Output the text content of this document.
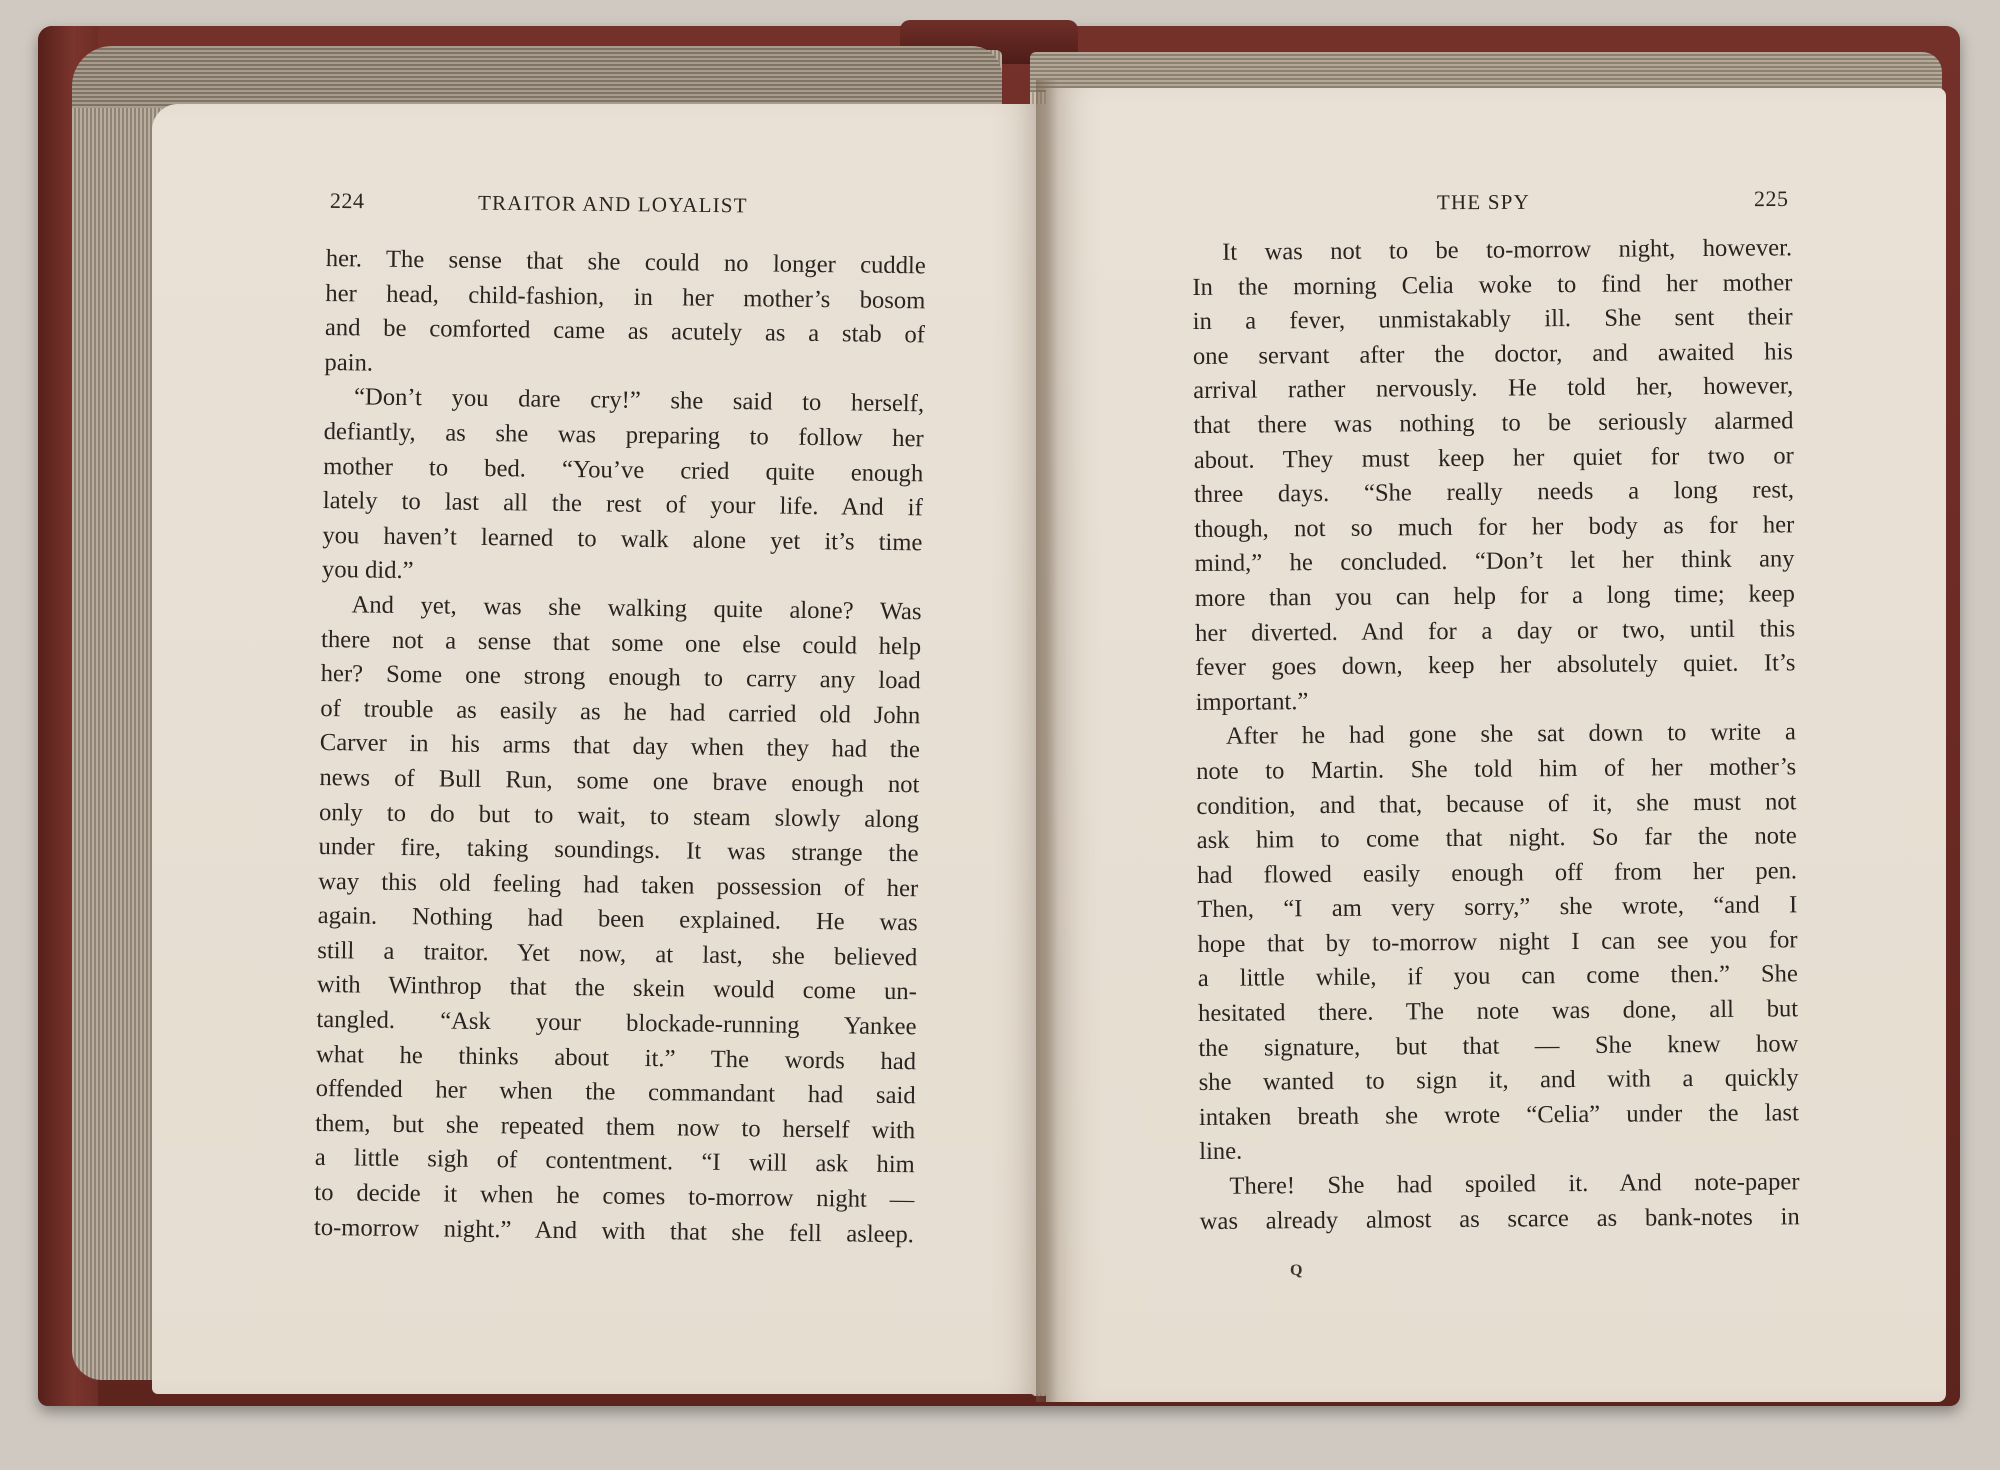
224	TRAITOR AND LOYALIST	THE SPY	225
her. The sense that she could no longer cuddle
her head, child-fashion, in her mother’s bosom
and be comforted came as acutely as a stab of
pain.
“Don’t you dare cry!” she said to herself,
defiantly, as she was preparing to follow her
mother to bed. “You’ve cried quite enough
lately to last all the rest of your life. And if
you haven’t learned to walk alone yet it’s time
you did.”
And yet, was she walking quite alone? Was
there not a sense that some one else could help
her? Some one strong enough to carry any load
of trouble as easily as he had carried old John
Carver in his arms that day when they had the
news of Bull Run, some one brave enough not
only to do but to wait, to steam slowly along
under fire, taking soundings. It was strange the
way this old feeling had taken possession of her
again. Nothing had been explained. He was
still a traitor. Yet now, at last, she believed
with Winthrop that the skein would come un-
tangled. “Ask your blockade-running Yankee
what he thinks about it.” The words had
offended her when the commandant had said
them, but she repeated them now to herself with
a little sigh of contentment. “I will ask him
to decide it when he comes to-morrow night —
to-morrow night.” And with that she fell asleep.
It was not to be to-morrow night, however.
In the morning Celia woke to find her mother
in a fever, unmistakably ill. She sent their
one servant after the doctor, and awaited his
arrival rather nervously. He told her, however,
that there was nothing to be seriously alarmed
about. They must keep her quiet for two or
three days. “She really needs a long rest,
though, not so much for her body as for her
mind,” he concluded. “Don’t let her think any
more than you can help for a long time; keep
her diverted. And for a day or two, until this
fever goes down, keep her absolutely quiet. It’s
important.”
After he had gone she sat down to write a
note to Martin. She told him of her mother’s
condition, and that, because of it, she must not
ask him to come that night. So far the note
had flowed easily enough off from her pen.
Then, “I am very sorry,” she wrote, “and I
hope that by to-morrow night I can see you for
a little while, if you can come then.” She
hesitated there. The note was done, all but
the signature, but that — She knew how
she wanted to sign it, and with a quickly
intaken breath she wrote “Celia” under the last
line.
There! She had spoiled it. And note-paper
was already almost as scarce as bank-notes in
Q
